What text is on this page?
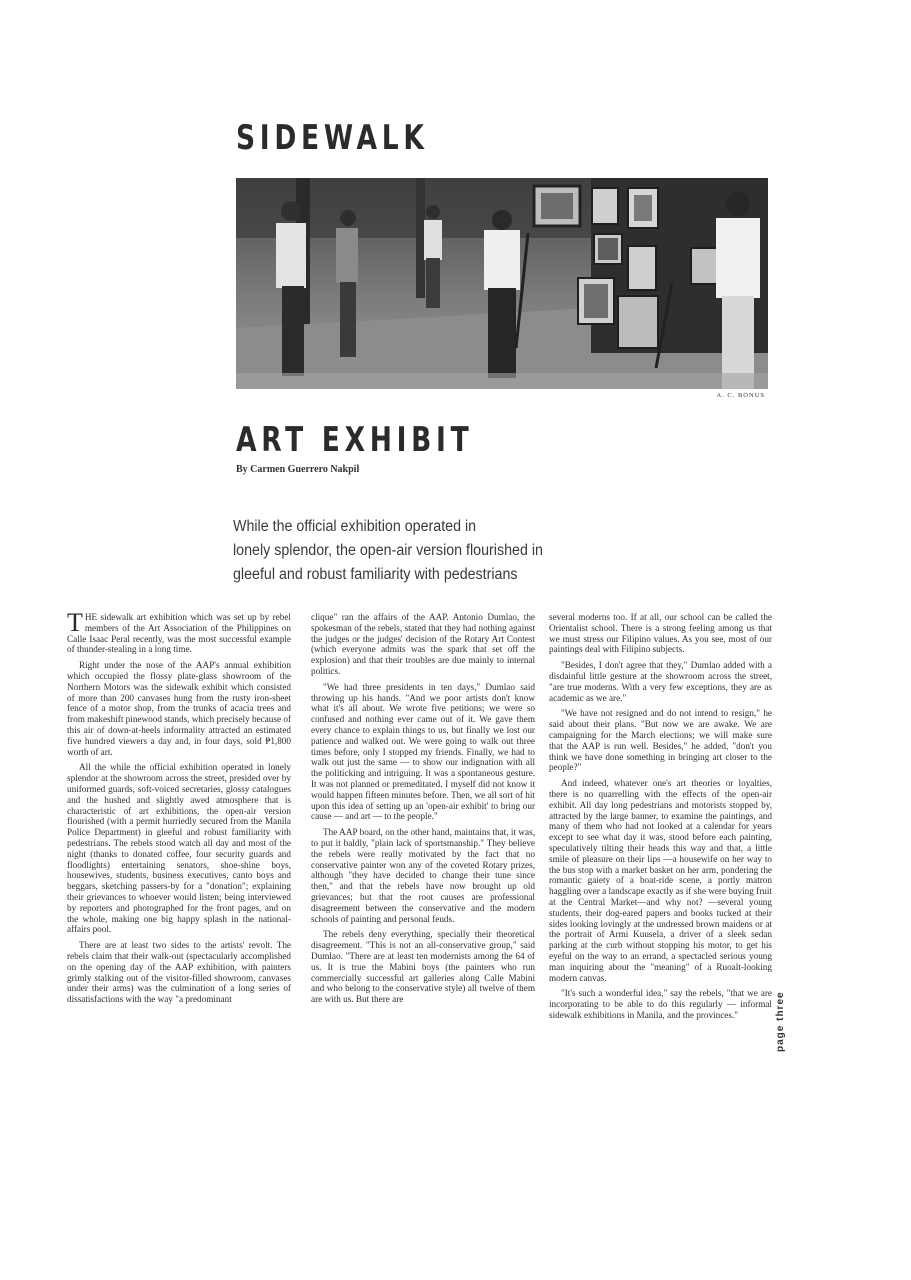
SIDEWALK
A. C. BONUS
ART EXHIBIT
By Carmen Guerrero Nakpil
While the official exhibition operated in
lonely splendor, the open-air version flourished in
gleeful and robust familiarity with pedestrians

THE sidewalk art exhibition which was set up by rebel members of the Art Association of the Philippines on Calle Isaac Peral recently, was the most successful example of thunder-stealing in a long time.

Right under the nose of the AAP's annual exhibition which occupied the flossy plate-glass showroom of the Northern Motors was the sidewalk exhibit which consisted of more than 200 canvases hung from the rusty iron-sheet fence of a motor shop, from the trunks of acacia trees and from makeshift pinewood stands, which precisely because of this air of down-at-heels informality attracted an estimated five hundred viewers a day and, in four days, sold ₱1,800 worth of art.

All the while the official exhibition operated in lonely splendor at the showroom across the street, presided over by uniformed guards, soft-voiced secretaries, glossy catalogues and the hushed and slightly awed atmosphere that is characteristic of art exhibitions, the open-air version flourished (with a permit hurriedly secured from the Manila Police Department) in gleeful and robust familiarity with pedestrians. The rebels stood watch all day and most of the night (thanks to donated coffee, four security guards and floodlights) entertaining senators, shoe-shine boys, housewives, students, business executives, canto boys and beggars, sketching passers-by for a "donation"; explaining their grievances to whoever would listen; being interviewed by reporters and photographed for the front pages, and on the whole, making one big happy splash in the national-affairs pool.

There are at least two sides to the artists' revolt. The rebels claim that their walk-out (spectacularly accomplished on the opening day of the AAP exhibition, with painters grimly stalking out of the visitor-filled showroom, canvases under their arms) was the culmination of a long series of dissatisfactions with the way "a predominant

clique" ran the affairs of the AAP. Antonio Dumlao, the spokesman of the rebels, stated that they had nothing against the judges or the judges' decision of the Rotary Art Contest (which everyone admits was the spark that set off the explosion) and that their troubles are due mainly to internal politics.

"We had three presidents in ten days," Dumlao said throwing up his hands. "And we poor artists don't know what it's all about. We wrote five petitions; we were so confused and nothing ever came out of it. We gave them every chance to explain things to us, but finally we lost our patience and walked out. We were going to walk out three times before, only I stopped my friends. Finally, we had to walk out just the same — to show our indignation with all the politicking and intriguing. It was a spontaneous gesture. It was not planned or premeditated. I myself did not know it would happen fifteen minutes before. Then, we all sort of hit upon this idea of setting up an 'open-air exhibit' to bring our cause — and art — to the people."

The AAP board, on the other hand, maintains that, it was, to put it baldly, "plain lack of sportsmanship." They believe the rebels were really motivated by the fact that no conservative painter won any of the coveted Rotary prizes, although "they have decided to change their tune since then," and that the rebels have now brought up old grievances; but that the root causes are professional disagreement between the conservative and the modern schools of painting and personal feuds.

The rebels deny everything, specially their theoretical disagreement. "This is not an all-conservative group," said Dumlao. "There are at least ten modernists among the 64 of us. It is true the Mabini boys (the painters who run commercially successful art galleries along Calle Mabini and who belong to the conservative style) all twelve of them are with us. But there are

several moderns too. If at all, our school can be called the Orientalist school. There is a strong feeling among us that we must stress our Filipino values. As you see, most of our paintings deal with Filipino subjects.

"Besides, I don't agree that they," Dumlao added with a disdainful little gesture at the showroom across the street, "are true moderns. With a very few exceptions, they are as academic as we are."

"We have not resigned and do not intend to resign," he said about their plans. "But now we are awake. We are campaigning for the March elections; we will make sure that the AAP is run well. Besides," he added, "don't you think we have done something in bringing art closer to the people?"

And indeed, whatever one's art theories or loyalties, there is no quarrelling with the effects of the open-air exhibit. All day long pedestrians and motorists stopped by, attracted by the large banner, to examine the paintings, and many of them who had not looked at a calendar for years except to see what day it was, stood before each painting, speculatively tilting their heads this way and that, a little smile of pleasure on their lips —a housewife on her way to the bus stop with a market basket on her arm, pondering the romantic gaiety of a boat-ride scene, a portly matron haggling over a landscape exactly as if she were buying fruit at the Central Market—and why not? —several young students, their dog-eared papers and books tucked at their sides looking lovingly at the undressed brown maidens or at the portrait of Armi Kuusela, a driver of a sleek sedan parking at the curb without stopping his motor, to get his eyeful on the way to an errand, a spectacled serious young man inquiring about the "meaning" of a Ruoalt-looking modern canvas.

"It's such a wonderful idea," say the rebels, "that we are incorporating to be able to do this regularly — informal sidewalk exhibitions in Manila, and the provinces."	page three
